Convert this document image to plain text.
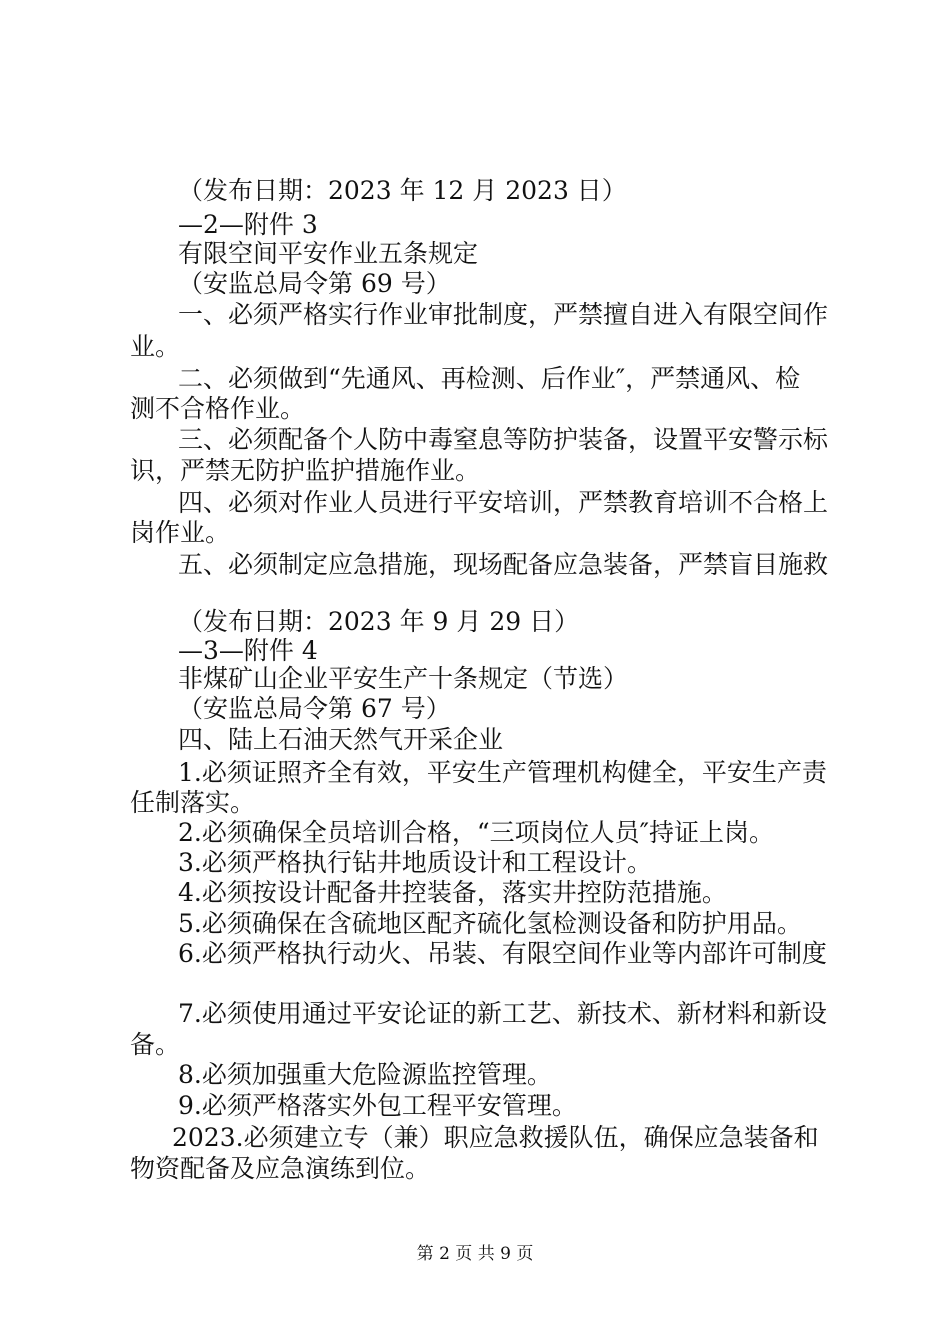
（发布日期：2023 年 12 月 2023 日）
—2—附件 3
有限空间平安作业五条规定
（安监总局令第 69 号）
一、必须严格实行作业审批制度，严禁擅自进入有限空间作
业。
二、必须做到“先通风、再检测、后作业″，严禁通风、检
测不合格作业。
三、必须配备个人防中毒窒息等防护装备，设置平安警示标
识，严禁无防护监护措施作业。
四、必须对作业人员进行平安培训，严禁教育培训不合格上
岗作业。
五、必须制定应急措施，现场配备应急装备，严禁盲目施救
（发布日期：2023 年 9 月 29 日）
—3—附件 4
非煤矿山企业平安生产十条规定（节选）
（安监总局令第 67 号）
四、陆上石油天然气开采企业
1.必须证照齐全有效，平安生产管理机构健全，平安生产责
任制落实。
2.必须确保全员培训合格，“三项岗位人员″持证上岗。
3.必须严格执行钻井地质设计和工程设计。
4.必须按设计配备井控装备，落实井控防范措施。
5.必须确保在含硫地区配齐硫化氢检测设备和防护用品。
6.必须严格执行动火、吊装、有限空间作业等内部许可制度
7.必须使用通过平安论证的新工艺、新技术、新材料和新设
备。
8.必须加强重大危险源监控管理。
9.必须严格落实外包工程平安管理。
2023.必须建立专（兼）职应急救援队伍，确保应急装备和
物资配备及应急演练到位。
第 2 页 共 9 页
